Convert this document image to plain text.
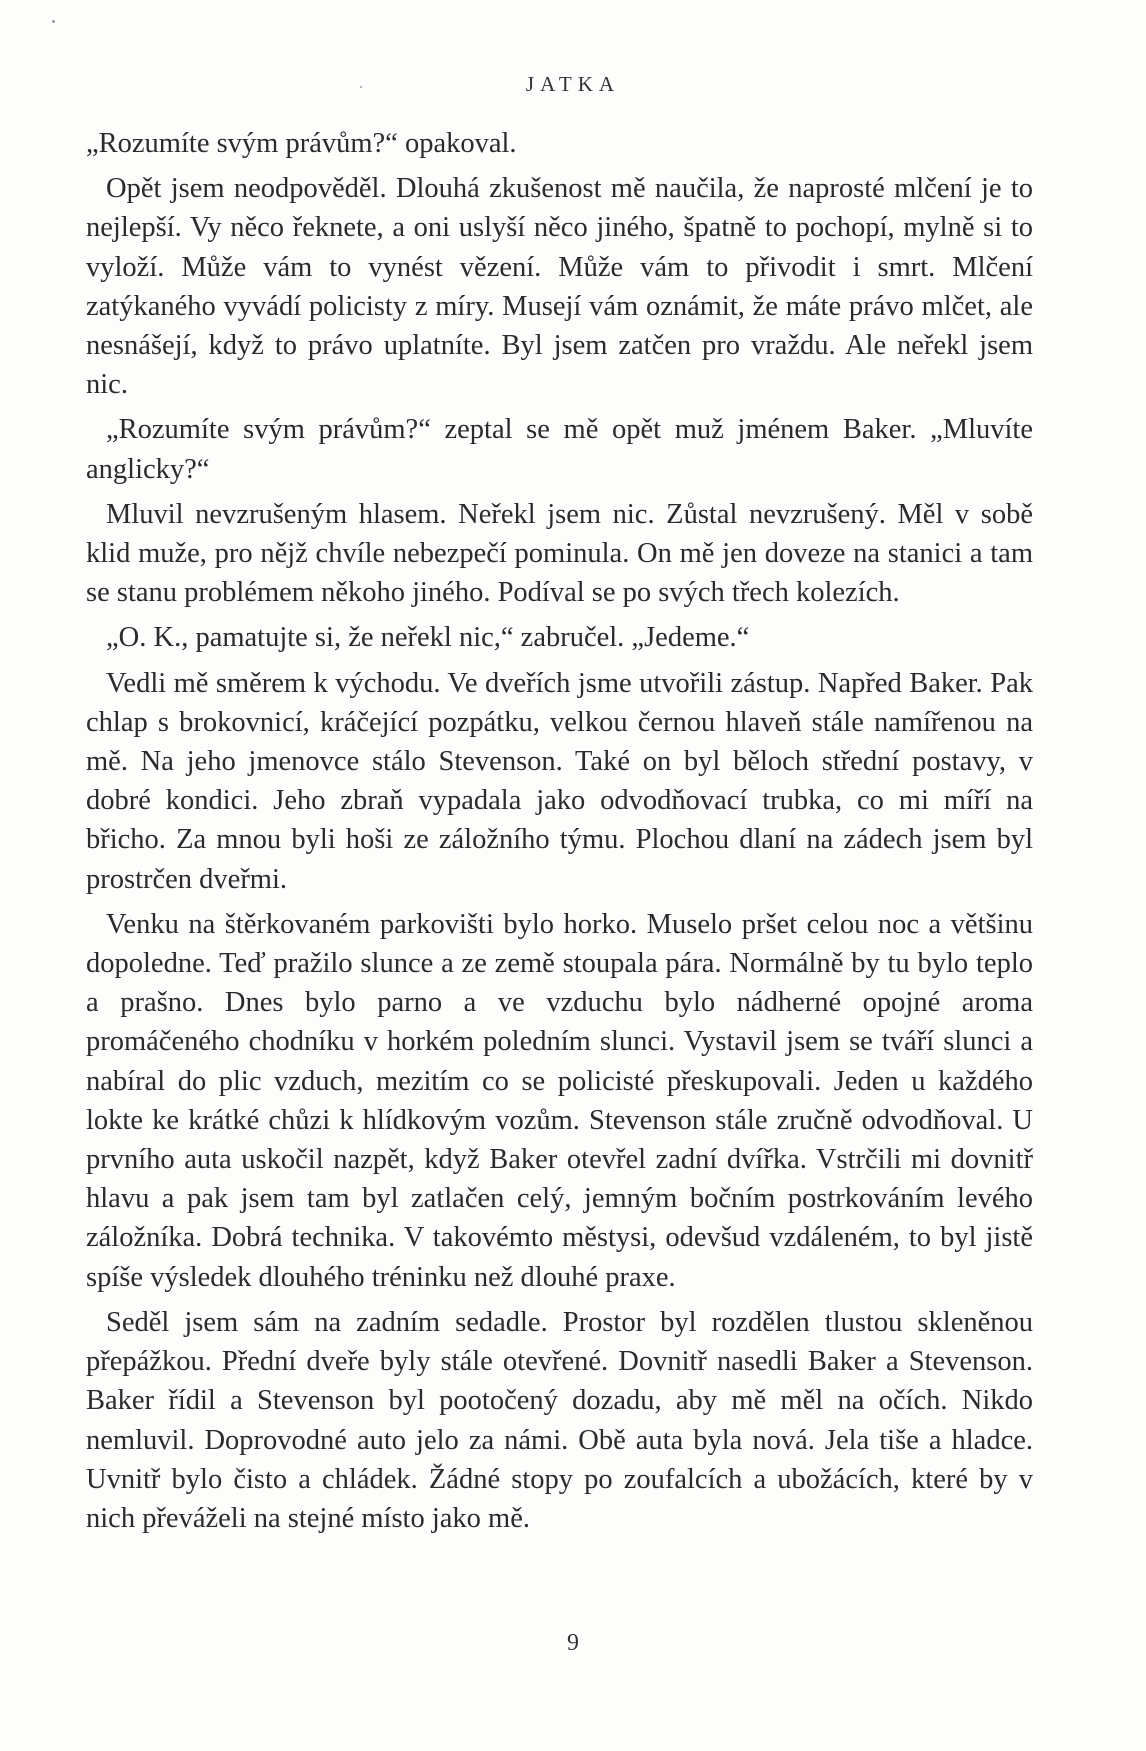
JATKA

„Rozumíte svým právům?“ opakoval.

Opět jsem neodpověděl. Dlouhá zkušenost mě naučila, že naprosté mlčení je to nejlepší. Vy něco řeknete, a oni uslyší něco jiného, špatně to pochopí, mylně si to vyloží. Může vám to vynést vězení. Může vám to přivodit i smrt. Mlčení zatýkaného vyvádí policisty z míry. Musejí vám oznámit, že máte právo mlčet, ale nesnášejí, když to právo uplatníte. Byl jsem zatčen pro vraždu. Ale neřekl jsem nic.

„Rozumíte svým právům?“ zeptal se mě opět muž jménem Baker. „Mluvíte anglicky?“

Mluvil nevzrušeným hlasem. Neřekl jsem nic. Zůstal nevzrušený. Měl v sobě klid muže, pro nějž chvíle nebezpečí pominula. On mě jen doveze na stanici a tam se stanu problémem někoho jiného. Podíval se po svých třech kolezích.

„O. K., pamatujte si, že neřekl nic,“ zabručel. „Jedeme.“

Vedli mě směrem k východu. Ve dveřích jsme utvořili zástup. Napřed Baker. Pak chlap s brokovnicí, kráčející pozpátku, velkou černou hlaveň stále namířenou na mě. Na jeho jmenovce stálo Stevenson. Také on byl běloch střední postavy, v dobré kondici. Jeho zbraň vypadala jako odvodňovací trubka, co mi míří na břicho. Za mnou byli hoši ze záložního týmu. Plochou dlaní na zádech jsem byl prostrčen dveřmi.

Venku na štěrkovaném parkovišti bylo horko. Muselo pršet celou noc a většinu dopoledne. Teď pražilo slunce a ze země stoupala pára. Normálně by tu bylo teplo a prašno. Dnes bylo parno a ve vzduchu bylo nádherné opojné aroma promáčeného chodníku v horkém poledním slunci. Vystavil jsem se tváří slunci a nabíral do plic vzduch, mezitím co se policisté přeskupovali. Jeden u každého lokte ke krátké chůzi k hlídkovým vozům. Stevenson stále zručně odvodňoval. U prvního auta uskočil nazpět, když Baker otevřel zadní dvířka. Vstrčili mi dovnitř hlavu a pak jsem tam byl zatlačen celý, jemným bočním postrkováním levého záložníka. Dobrá technika. V takovémto městysi, odevšud vzdáleném, to byl jistě spíše výsledek dlouhého tréninku než dlouhé praxe.

Seděl jsem sám na zadním sedadle. Prostor byl rozdělen tlustou skleněnou přepážkou. Přední dveře byly stále otevřené. Dovnitř nasedli Baker a Stevenson. Baker řídil a Stevenson byl pootočený dozadu, aby mě měl na očích. Nikdo nemluvil. Doprovodné auto jelo za námi. Obě auta byla nová. Jela tiše a hladce. Uvnitř bylo čisto a chládek. Žádné stopy po zoufalcích a ubožácích, které by v nich převáželi na stejné místo jako mě.

9
